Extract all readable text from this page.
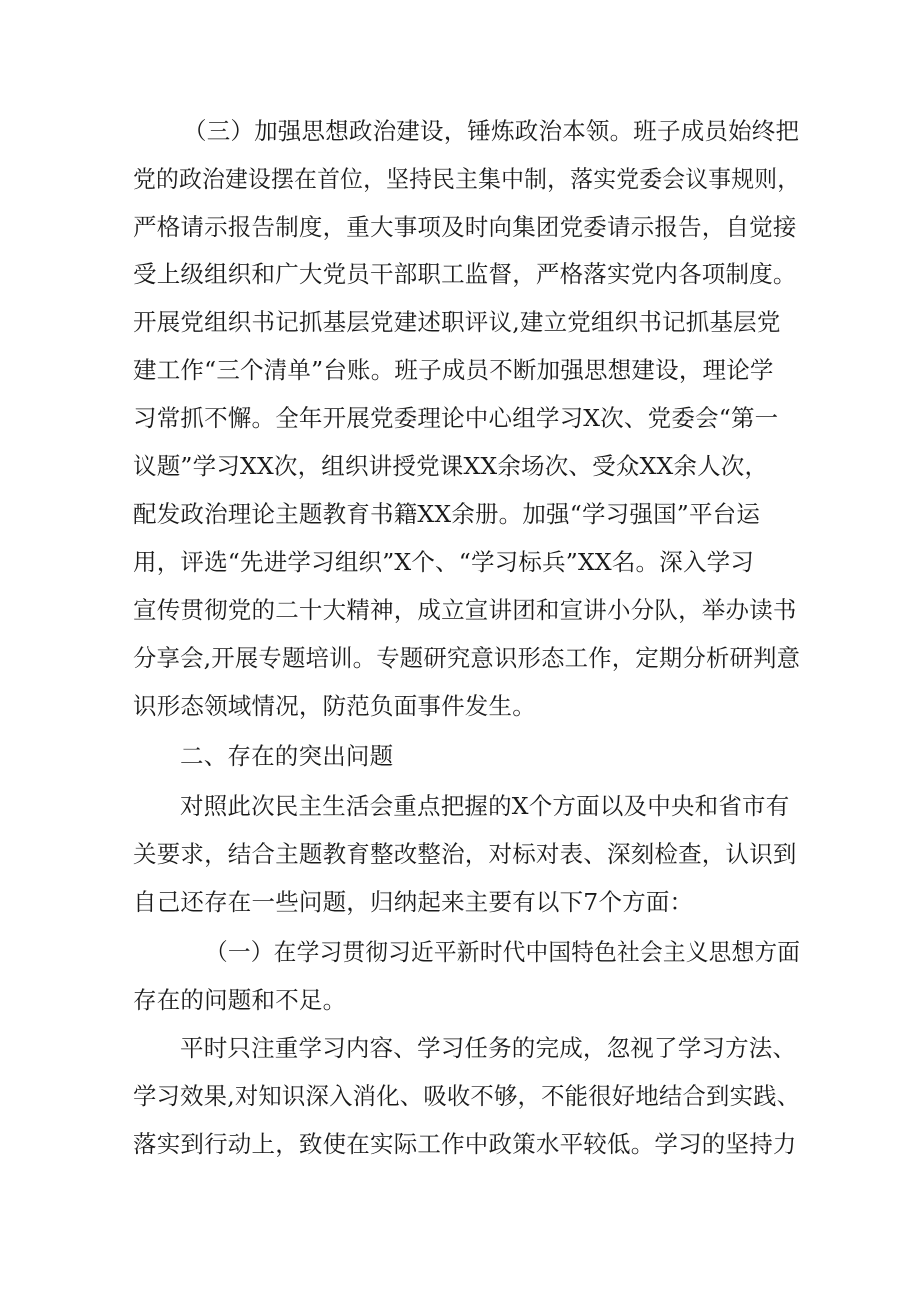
（三）加强思想政治建设，锤炼政治本领。班子成员始终把
党的政治建设摆在首位，坚持民主集中制，落实党委会议事规则，
严格请示报告制度，重大事项及时向集团党委请示报告，自觉接
受上级组织和广大党员干部职工监督，严格落实党内各项制度。
开展党组织书记抓基层党建述职评议,建立党组织书记抓基层党
建工作“三个清单”台账。班子成员不断加强思想建设，理论学
习常抓不懈。全年开展党委理论中心组学习X次、党委会“第一
议题”学习XX次，组织讲授党课XX余场次、受众XX余人次，
配发政治理论主题教育书籍XX余册。加强“学习强国”平台运
用，评选“先进学习组织”X个、“学习标兵”XX名。深入学习
宣传贯彻党的二十大精神，成立宣讲团和宣讲小分队，举办读书
分享会,开展专题培训。专题研究意识形态工作，定期分析研判意
识形态领域情况，防范负面事件发生。
二、存在的突出问题
对照此次民主生活会重点把握的X个方面以及中央和省市有
关要求，结合主题教育整改整治，对标对表、深刻检查，认识到
自己还存在一些问题，归纳起来主要有以下7个方面：
（一）在学习贯彻习近平新时代中国特色社会主义思想方面
存在的问题和不足。
平时只注重学习内容、学习任务的完成，忽视了学习方法、
学习效果,对知识深入消化、吸收不够，不能很好地结合到实践、
落实到行动上，致使在实际工作中政策水平较低。学习的坚持力
